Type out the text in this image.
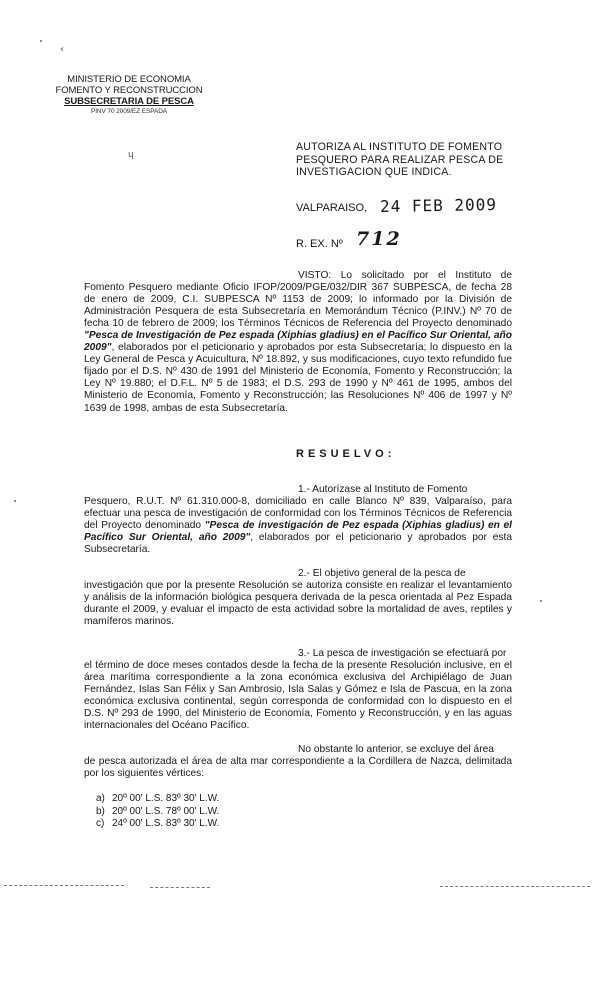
‹
ɥ
MINISTERIO DE ECONOMIA
FOMENTO Y RECONSTRUCCION
SUBSECRETARIA DE PESCA
PINV 70 2009/EZ ESPADA
AUTORIZA AL INSTITUTO DE FOMENTO PESQUERO PARA REALIZAR PESCA DE INVESTIGACION QUE INDICA.
VALPARAISO, 24 FEB 2009
R. EX. Nº 712
VISTO: Lo solicitado por el Instituto de Fomento Pesquero mediante Oficio IFOP/2009/PGE/032/DIR 367 SUBPESCA, de fecha 28 de enero de 2009, C.I. SUBPESCA Nº 1153 de 2009; lo informado por la División de Administración Pesquera de esta Subsecretaría en Memorándum Técnico (P.INV.) Nº 70 de fecha 10 de febrero de 2009; los Términos Técnicos de Referencia del Proyecto denominado "Pesca de Investigación de Pez espada (Xiphias gladius) en el Pacífico Sur Oriental, año 2009", elaborados por el peticionario y aprobados por esta Subsecretaría; lo dispuesto en la Ley General de Pesca y Acuicultura, Nº 18.892, y sus modificaciones, cuyo texto refundido fue fijado por el D.S. Nº 430 de 1991 del Ministerio de Economía, Fomento y Reconstrucción; la Ley Nº 19.880; el D.F.L. Nº 5 de 1983; el D.S. 293 de 1990 y Nº 461 de 1995, ambos del Ministerio de Economía, Fomento y Reconstrucción; las Resoluciones Nº 406 de 1997 y Nº 1639 de 1998, ambas de esta Subsecretaría.
RESUELVO:
1.- Autorízase al Instituto de Fomento
Pesquero, R.U.T. Nº 61.310.000-8, domiciliado en calle Blanco Nº 839, Valparaíso, para efectuar una pesca de investigación de conformidad con los Términos Técnicos de Referencia del Proyecto denominado "Pesca de investigación de Pez espada (Xiphias gladius) en el Pacífico Sur Oriental, año 2009", elaborados por el peticionario y aprobados por esta Subsecretaría.
2.- El objetivo general de la pesca de
investigación que por la presente Resolución se autoriza consiste en realizar el levantamiento y análisis de la información biológica pesquera derivada de la pesca orientada al Pez Espada durante el 2009, y evaluar el impacto de esta actividad sobre la mortalidad de aves, reptiles y mamíferos marinos.
3.- La pesca de investigación se efectuará por
el término de doce meses contados desde la fecha de la presente Resolución inclusive, en el área marítima correspondiente a la zona económica exclusiva del Archipiélago de Juan Fernández, Islas San Félix y San Ambrosio, Isla Salas y Gómez e Isla de Pascua, en la zona económica exclusiva continental, según corresponda de conformidad con lo dispuesto en el D.S. Nº 293 de 1990, del Ministerio de Economía, Fomento y Reconstrucción, y en las aguas internacionales del Océano Pacífico.
No obstante lo anterior, se excluye del área
de pesca autorizada el área de alta mar correspondiente a la Cordillera de Nazca, delimitada por los siguientes vértices:
a) 20º 00' L.S. 83º 30' L.W.
b) 20º 00' L.S. 78º 00' L.W.
c) 24º 00' L.S. 83º 30' L.W.
